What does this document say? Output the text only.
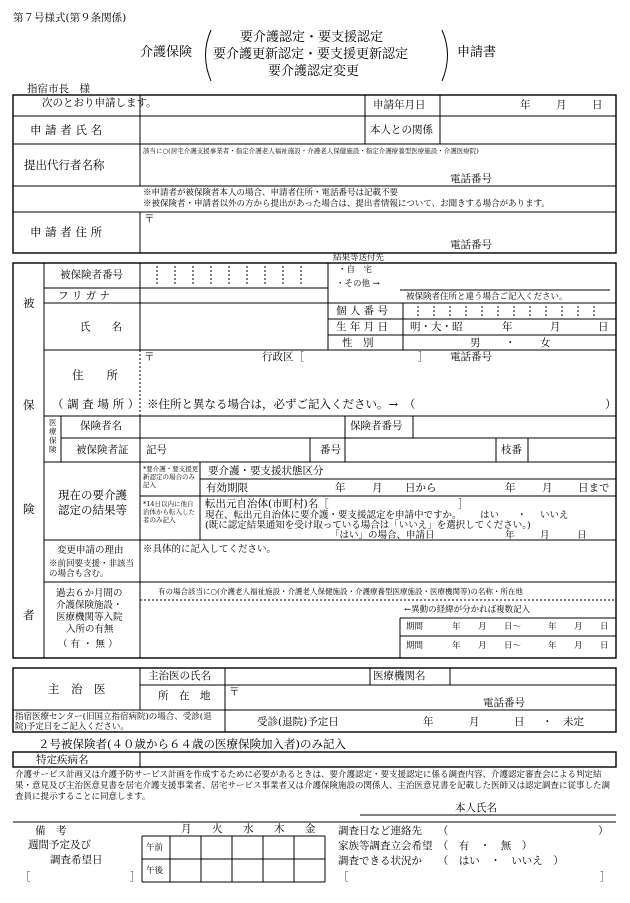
第７号様式(第９条関係)
介護保険
要介護認定・要支援認定
要介護更新認定・要支援更新認定
要介護認定変更
申請書
指宿市長　様
次のとおり申請します。	申請年月日	年 月 日
申 請 者 氏 名	本人との関係
提出代行者名称
該当に○(居宅介護支援事業者・指定介護老人福祉施設・介護老人保健施設・指定介護療養型医療施設・介護医療院)
電話番号
※申請者が被保険者本人の場合、申請者住所・電話番号は記載不要
※被保険者・申請者以外の方から提出があった場合は、提出者情報について、お聞きする場合があります。
申 請 者 住 所
〒
電話番号
結果等送付先
・自　宅
・その他 →
被保険者住所と違う場合ご記入ください。
被
保
険
者
被保険者番号
フ リ ガ ナ
氏　　名
個 人 番 号
生 年 月 日 明・大・昭	年	月	日
性　別	男 ・ 女
〒	行政区［	］ 電話番号
住　　所
（ 調 査 場 所 ） ※住所と異なる場合は，必ずご記入ください。→　（	）
医療保険
保険者名	保険者番号
被保険者証 記号	番号	枝番
現在の要介護
認定の結果等
*要介護・要支援更新認定の場合のみ記入
要介護・要支援状態区分
有効期限	年	月 日から	年	月 日まで
*14日以内に他自治体から転入した者のみ記入
転出元自治体(市町村)名［	］
現在、転出元自治体に要介護・要支援認定を申請中ですか。 はい ・ いいえ
(既に認定結果通知を受け取っている場合は「いいえ」を選択してください。)
「はい」の場合、申請日	年	月	日
変更申請の理由
※前回要支援・非該当の場合も含む。
※具体的に記入してください。
過去６か月間の
介護保険施設・
医療機関等入院
入所の有無
（ 有 ・ 無 ）
有の場合該当に○(介護老人福祉施設・介護老人保健施設・介護療養型医療施設・医療機関等)の名称・所在地
←異動の経緯が分かれば複数記入
期間	年 月 日～	年 月 日
期間	年 月 日～	年 月 日
主　治　医
主治医の氏名	医療機関名
所　在　地 〒
電話番号
指宿医療センター(旧国立指宿病院)の場合、受診(退院)予定日をご記入ください。	受診(退院)予定日	年	月	日 ・ 未定
２号被保険者(４０歳から６４歳の医療保険加入者)のみ記入
特定疾病名
介護サービス計画又は介護予防サービス計画を作成するために必要があるときは、要介護認定・要支援認定に係る調査内容、介護認定審査会による判定結果・意見及び主治医意見書を居宅介護支援事業者、居宅サービス事業者又は介護保険施設の関係人、主治医意見書を記載した医師又は認定調査に従事した調査員に提示することに同意します。
本人氏名
備　考
週間予定及び
調査希望日
［	］
月 火 水 木 金
午前
午後
調査日など連絡先　　（	）
家族等調査立会希望　（　有　・　無　）
調査できる状況か　　（　はい　・　いいえ　）
［	］
